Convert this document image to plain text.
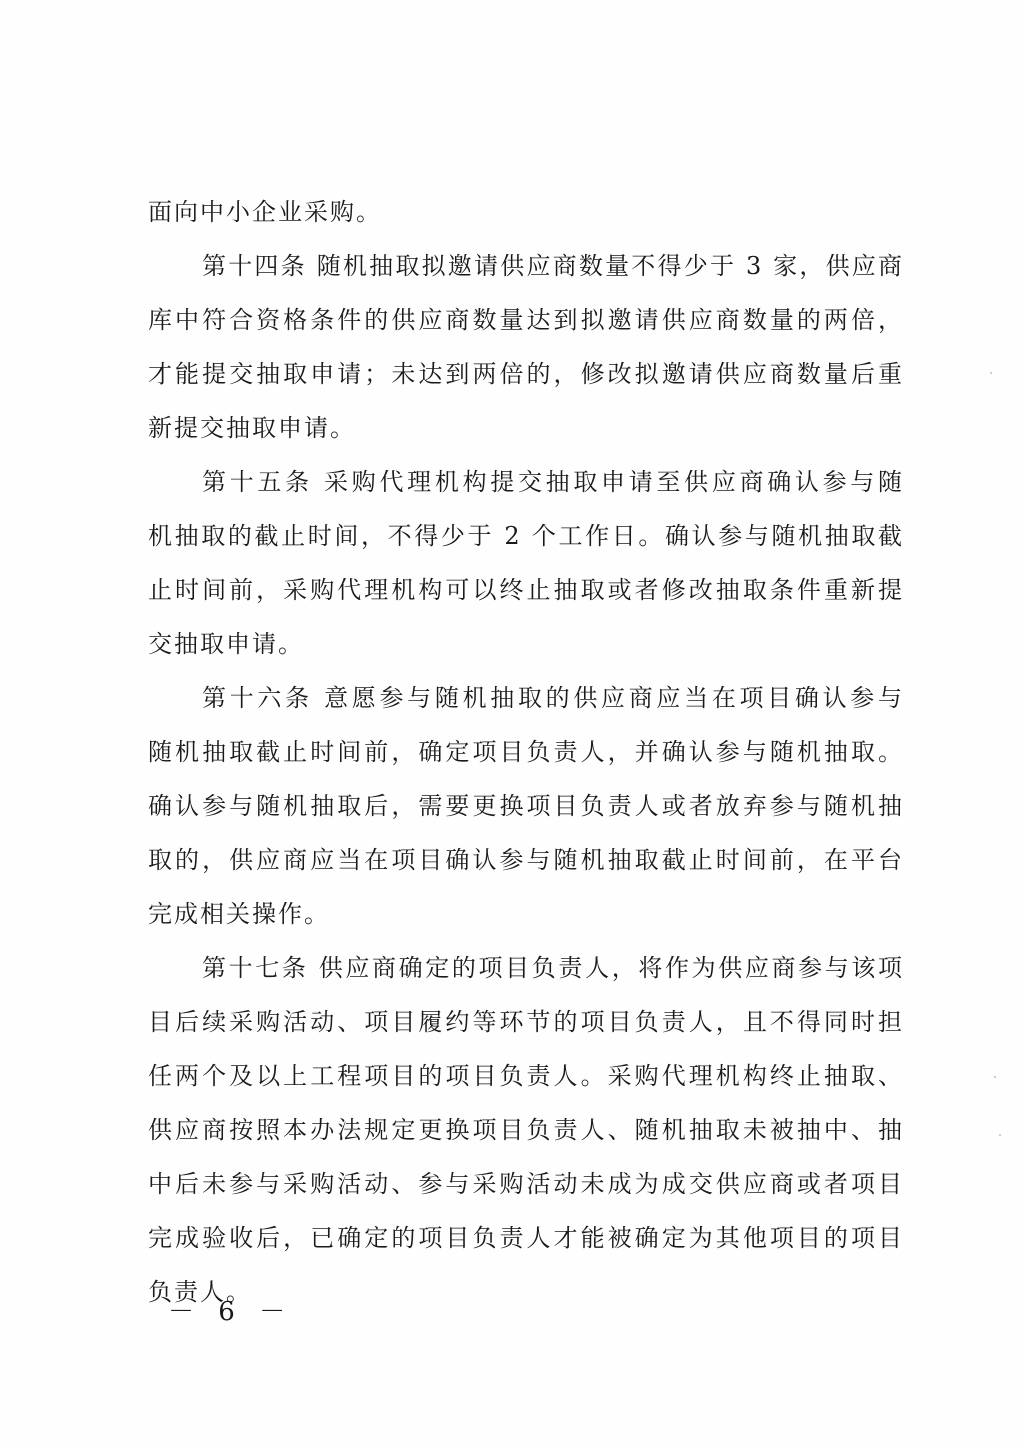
面向中小企业采购。
第十四条 随机抽取拟邀请供应商数量不得少于 3 家，供应商
库中符合资格条件的供应商数量达到拟邀请供应商数量的两倍，
才能提交抽取申请；未达到两倍的，修改拟邀请供应商数量后重
新提交抽取申请。
第十五条 采购代理机构提交抽取申请至供应商确认参与随
机抽取的截止时间，不得少于 2 个工作日。确认参与随机抽取截
止时间前，采购代理机构可以终止抽取或者修改抽取条件重新提
交抽取申请。
第十六条 意愿参与随机抽取的供应商应当在项目确认参与
随机抽取截止时间前，确定项目负责人，并确认参与随机抽取。
确认参与随机抽取后，需要更换项目负责人或者放弃参与随机抽
取的，供应商应当在项目确认参与随机抽取截止时间前，在平台
完成相关操作。
第十七条 供应商确定的项目负责人，将作为供应商参与该项
目后续采购活动、项目履约等环节的项目负责人，且不得同时担
任两个及以上工程项目的项目负责人。采购代理机构终止抽取、
供应商按照本办法规定更换项目负责人、随机抽取未被抽中、抽
中后未参与采购活动、参与采购活动未成为成交供应商或者项目
完成验收后，已确定的项目负责人才能被确定为其他项目的项目
负责人。
－ 6 －
